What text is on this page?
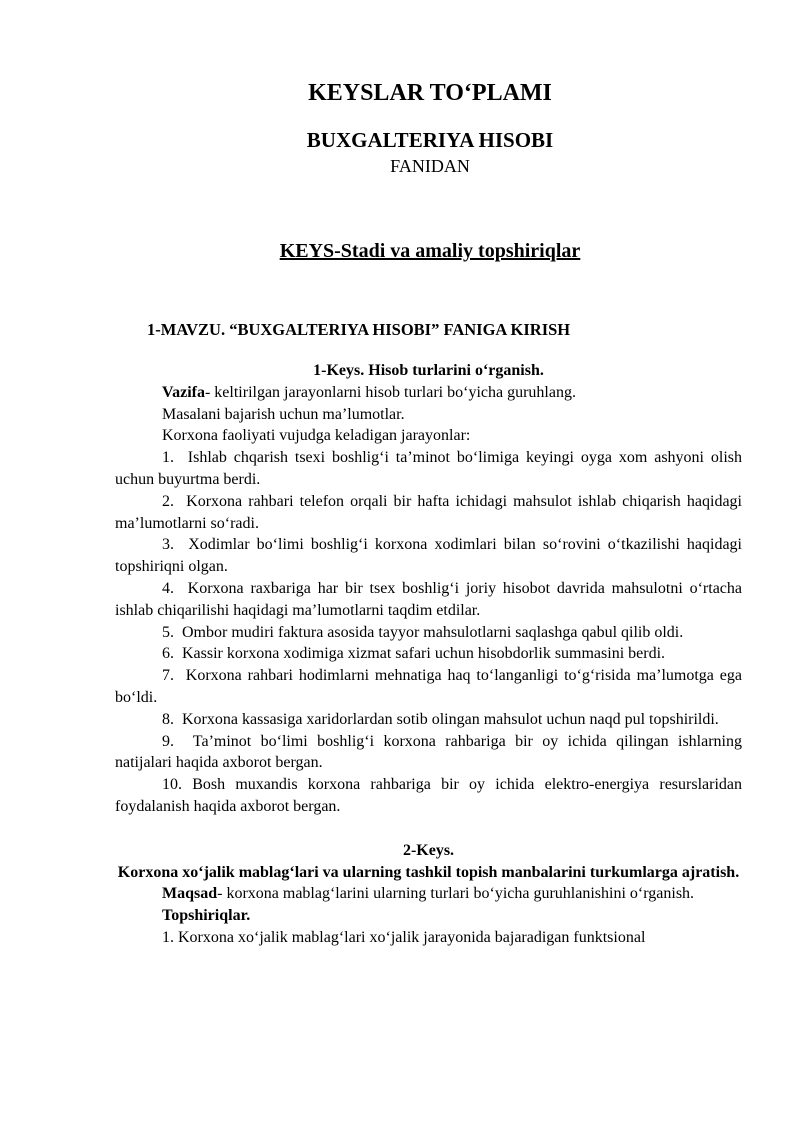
KEYSLAR TO‘PLAMI
BUXGALTERIYA HISOBI
FANIDAN
KEYS-Stadi va amaliy topshiriqlar
1-MAVZU. “BUXGALTERIYA HISOBI” FANIGA KIRISH

1-Keys. Hisob turlarini o‘rganish.

Vazifa- keltirilgan jarayonlarni hisob turlari bo‘yicha guruhlang.

Masalani bajarish uchun ma’lumotlar.

Korxona faoliyati vujudga keladigan jarayonlar:

1.  Ishlab chqarish tsexi boshlig‘i ta’minot bo‘limiga keyingi oyga xom ashyoni olish uchun buyurtma berdi.

2.  Korxona rahbari telefon orqali bir hafta ichidagi mahsulot ishlab chiqarish haqidagi ma’lumotlarni so‘radi.

3.  Xodimlar bo‘limi boshlig‘i korxona xodimlari bilan so‘rovini o‘tkazilishi haqidagi topshiriqni olgan.

4.  Korxona raxbariga har bir tsex boshlig‘i joriy hisobot davrida mahsulotni o‘rtacha ishlab chiqarilishi haqidagi ma’lumotlarni taqdim etdilar.

5.  Ombor mudiri faktura asosida tayyor mahsulotlarni saqlashga qabul qilib oldi.

6.  Kassir korxona xodimiga xizmat safari uchun hisobdorlik summasini berdi.

7.  Korxona rahbari hodimlarni mehnatiga haq to‘langanligi to‘g‘risida ma’lumotga ega bo‘ldi.

8.  Korxona kassasiga xaridorlardan sotib olingan mahsulot uchun naqd pul topshirildi.

9.  Ta’minot bo‘limi boshlig‘i korxona rahbariga bir oy ichida qilingan ishlarning natijalari haqida axborot bergan.

10. Bosh muxandis korxona rahbariga bir oy ichida elektro-energiya resurslaridan foydalanish haqida axborot bergan.

2-Keys.

Korxona xo‘jalik mablag‘lari va ularning tashkil topish manbalarini turkumlarga ajratish.

Maqsad- korxona mablag‘larini ularning turlari bo‘yicha guruhlanishini o‘rganish.

Topshiriqlar.

1. Korxona xo‘jalik mablag‘lari xo‘jalik jarayonida bajaradigan funktsional
